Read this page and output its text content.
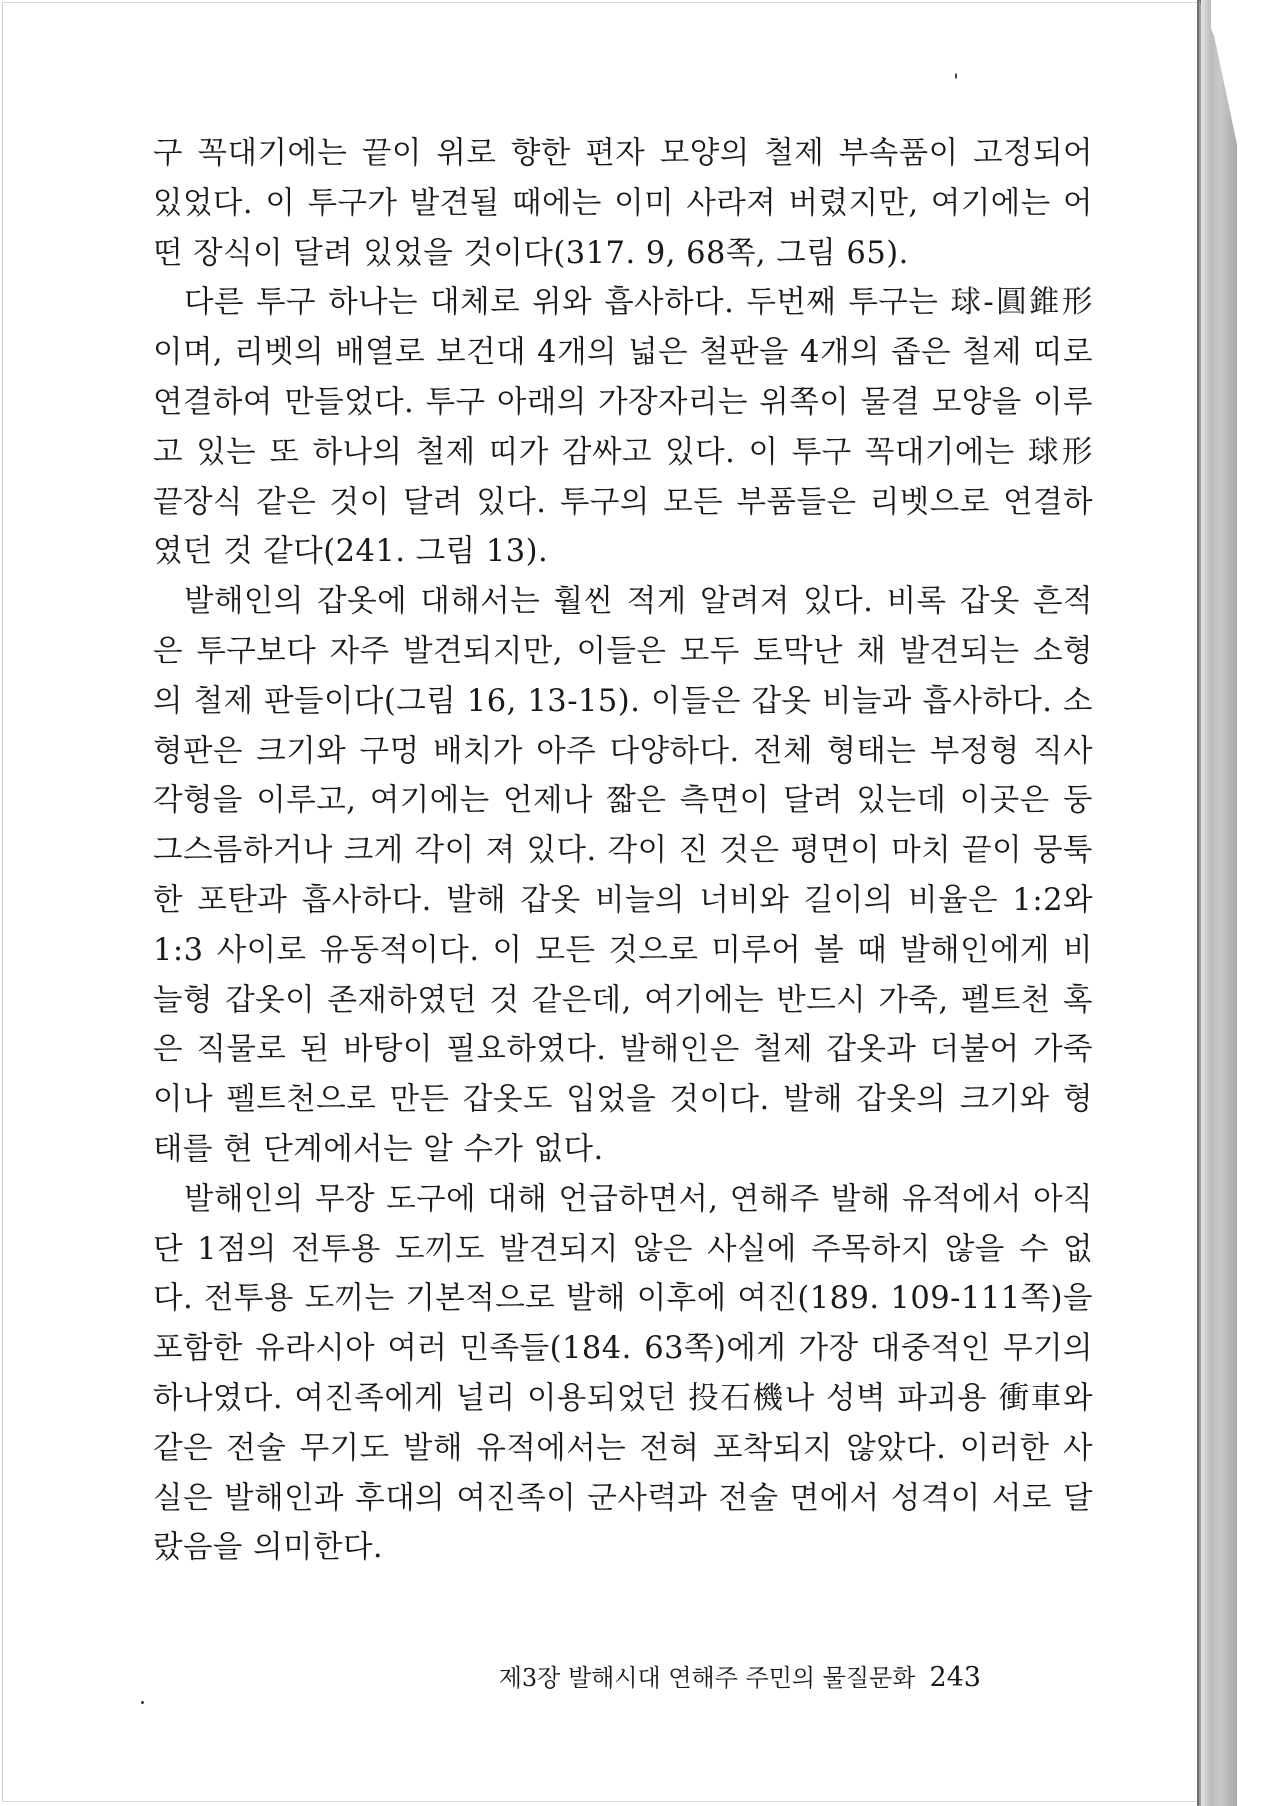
구 꼭대기에는 끝이 위로 향한 편자 모양의 철제 부속품이 고정되어 있었다. 이 투구가 발견될 때에는 이미 사라져 버렸지만, 여기에는 어떤 장식이 달려 있었을 것이다(317. 9, 68쪽, 그림 65).

다른 투구 하나는 대체로 위와 흡사하다. 두번째 투구는 球-圓錐形이며, 리벳의 배열로 보건대 4개의 넓은 철판을 4개의 좁은 철제 띠로 연결하여 만들었다. 투구 아래의 가장자리는 위쪽이 물결 모양을 이루고 있는 또 하나의 철제 띠가 감싸고 있다. 이 투구 꼭대기에는 球形 끝장식 같은 것이 달려 있다. 투구의 모든 부품들은 리벳으로 연결하였던 것 같다(241. 그림 13).

발해인의 갑옷에 대해서는 훨씬 적게 알려져 있다. 비록 갑옷 흔적은 투구보다 자주 발견되지만, 이들은 모두 토막난 채 발견되는 소형의 철제 판들이다(그림 16, 13-15). 이들은 갑옷 비늘과 흡사하다. 소형판은 크기와 구멍 배치가 아주 다양하다. 전체 형태는 부정형 직사각형을 이루고, 여기에는 언제나 짧은 측면이 달려 있는데 이곳은 둥그스름하거나 크게 각이 져 있다. 각이 진 것은 평면이 마치 끝이 뭉툭한 포탄과 흡사하다. 발해 갑옷 비늘의 너비와 길이의 비율은 1:2와 1:3 사이로 유동적이다. 이 모든 것으로 미루어 볼 때 발해인에게 비늘형 갑옷이 존재하였던 것 같은데, 여기에는 반드시 가죽, 펠트천 혹은 직물로 된 바탕이 필요하였다. 발해인은 철제 갑옷과 더불어 가죽이나 펠트천으로 만든 갑옷도 입었을 것이다. 발해 갑옷의 크기와 형태를 현 단계에서는 알 수가 없다.

발해인의 무장 도구에 대해 언급하면서, 연해주 발해 유적에서 아직 단 1점의 전투용 도끼도 발견되지 않은 사실에 주목하지 않을 수 없다. 전투용 도끼는 기본적으로 발해 이후에 여진(189. 109-111쪽)을 포함한 유라시아 여러 민족들(184. 63쪽)에게 가장 대중적인 무기의 하나였다. 여진족에게 널리 이용되었던 投石機나 성벽 파괴용 衝車와 같은 전술 무기도 발해 유적에서는 전혀 포착되지 않았다. 이러한 사실은 발해인과 후대의 여진족이 군사력과 전술 면에서 성격이 서로 달랐음을 의미한다.

제3장 발해시대 연해주 주민의 물질문화 243
